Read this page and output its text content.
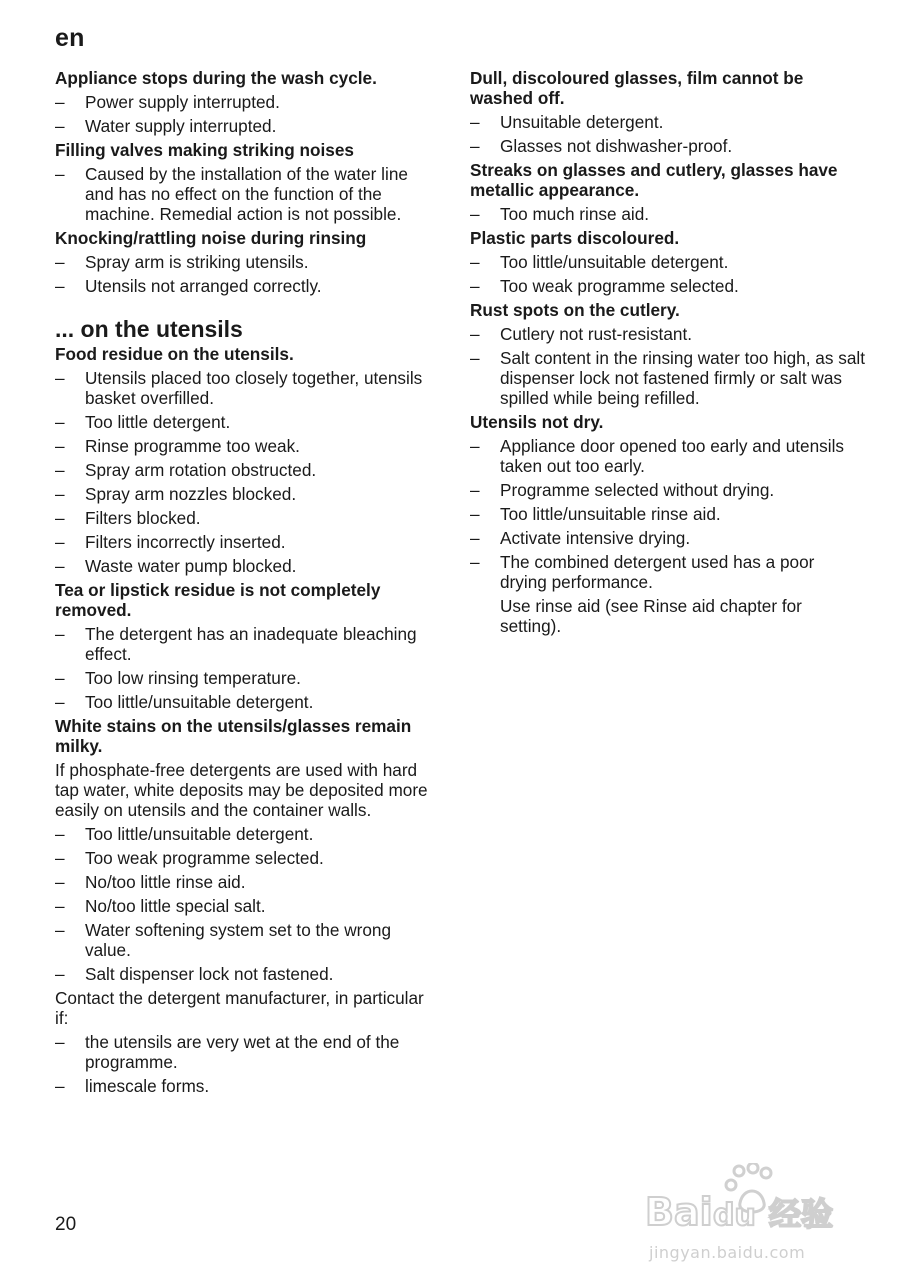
en
Appliance stops during the wash cycle.
– Power supply interrupted.
– Water supply interrupted.
Filling valves making striking noises
– Caused by the installation of the water line and has no effect on the function of the machine. Remedial action is not possible.
Knocking/rattling noise during rinsing
– Spray arm is striking utensils.
– Utensils not arranged correctly.
... on the utensils
Food residue on the utensils.
– Utensils placed too closely together, utensils basket overfilled.
– Too little detergent.
– Rinse programme too weak.
– Spray arm rotation obstructed.
– Spray arm nozzles blocked.
– Filters blocked.
– Filters incorrectly inserted.
– Waste water pump blocked.
Tea or lipstick residue is not completely removed.
– The detergent has an inadequate bleaching effect.
– Too low rinsing temperature.
– Too little/unsuitable detergent.
White stains on the utensils/glasses remain milky.

If phosphate-free detergents are used with hard tap water, white deposits may be deposited more easily on utensils and the container walls.

– Too little/unsuitable detergent.
– Too weak programme selected.
– No/too little rinse aid.
– No/too little special salt.
– Water softening system set to the wrong value.
– Salt dispenser lock not fastened.

Contact the detergent manufacturer, in particular if:

– the utensils are very wet at the end of the programme.
– limescale forms.
Dull, discoloured glasses, film cannot be washed off.
– Unsuitable detergent.
– Glasses not dishwasher-proof.
Streaks on glasses and cutlery, glasses have metallic appearance.
– Too much rinse aid.
Plastic parts discoloured.
– Too little/unsuitable detergent.
– Too weak programme selected.
Rust spots on the cutlery.
– Cutlery not rust-resistant.
– Salt content in the rinsing water too high, as salt dispenser lock not fastened firmly or salt was spilled while being refilled.
Utensils not dry.
– Appliance door opened too early and utensils taken out too early.
– Programme selected without drying.
– Too little/unsuitable rinse aid.
– Activate intensive drying.
– The combined detergent used has a poor drying performance.

Use rinse aid (see Rinse aid chapter for setting).

20	Bai du 经验
jingyan.baidu.com
